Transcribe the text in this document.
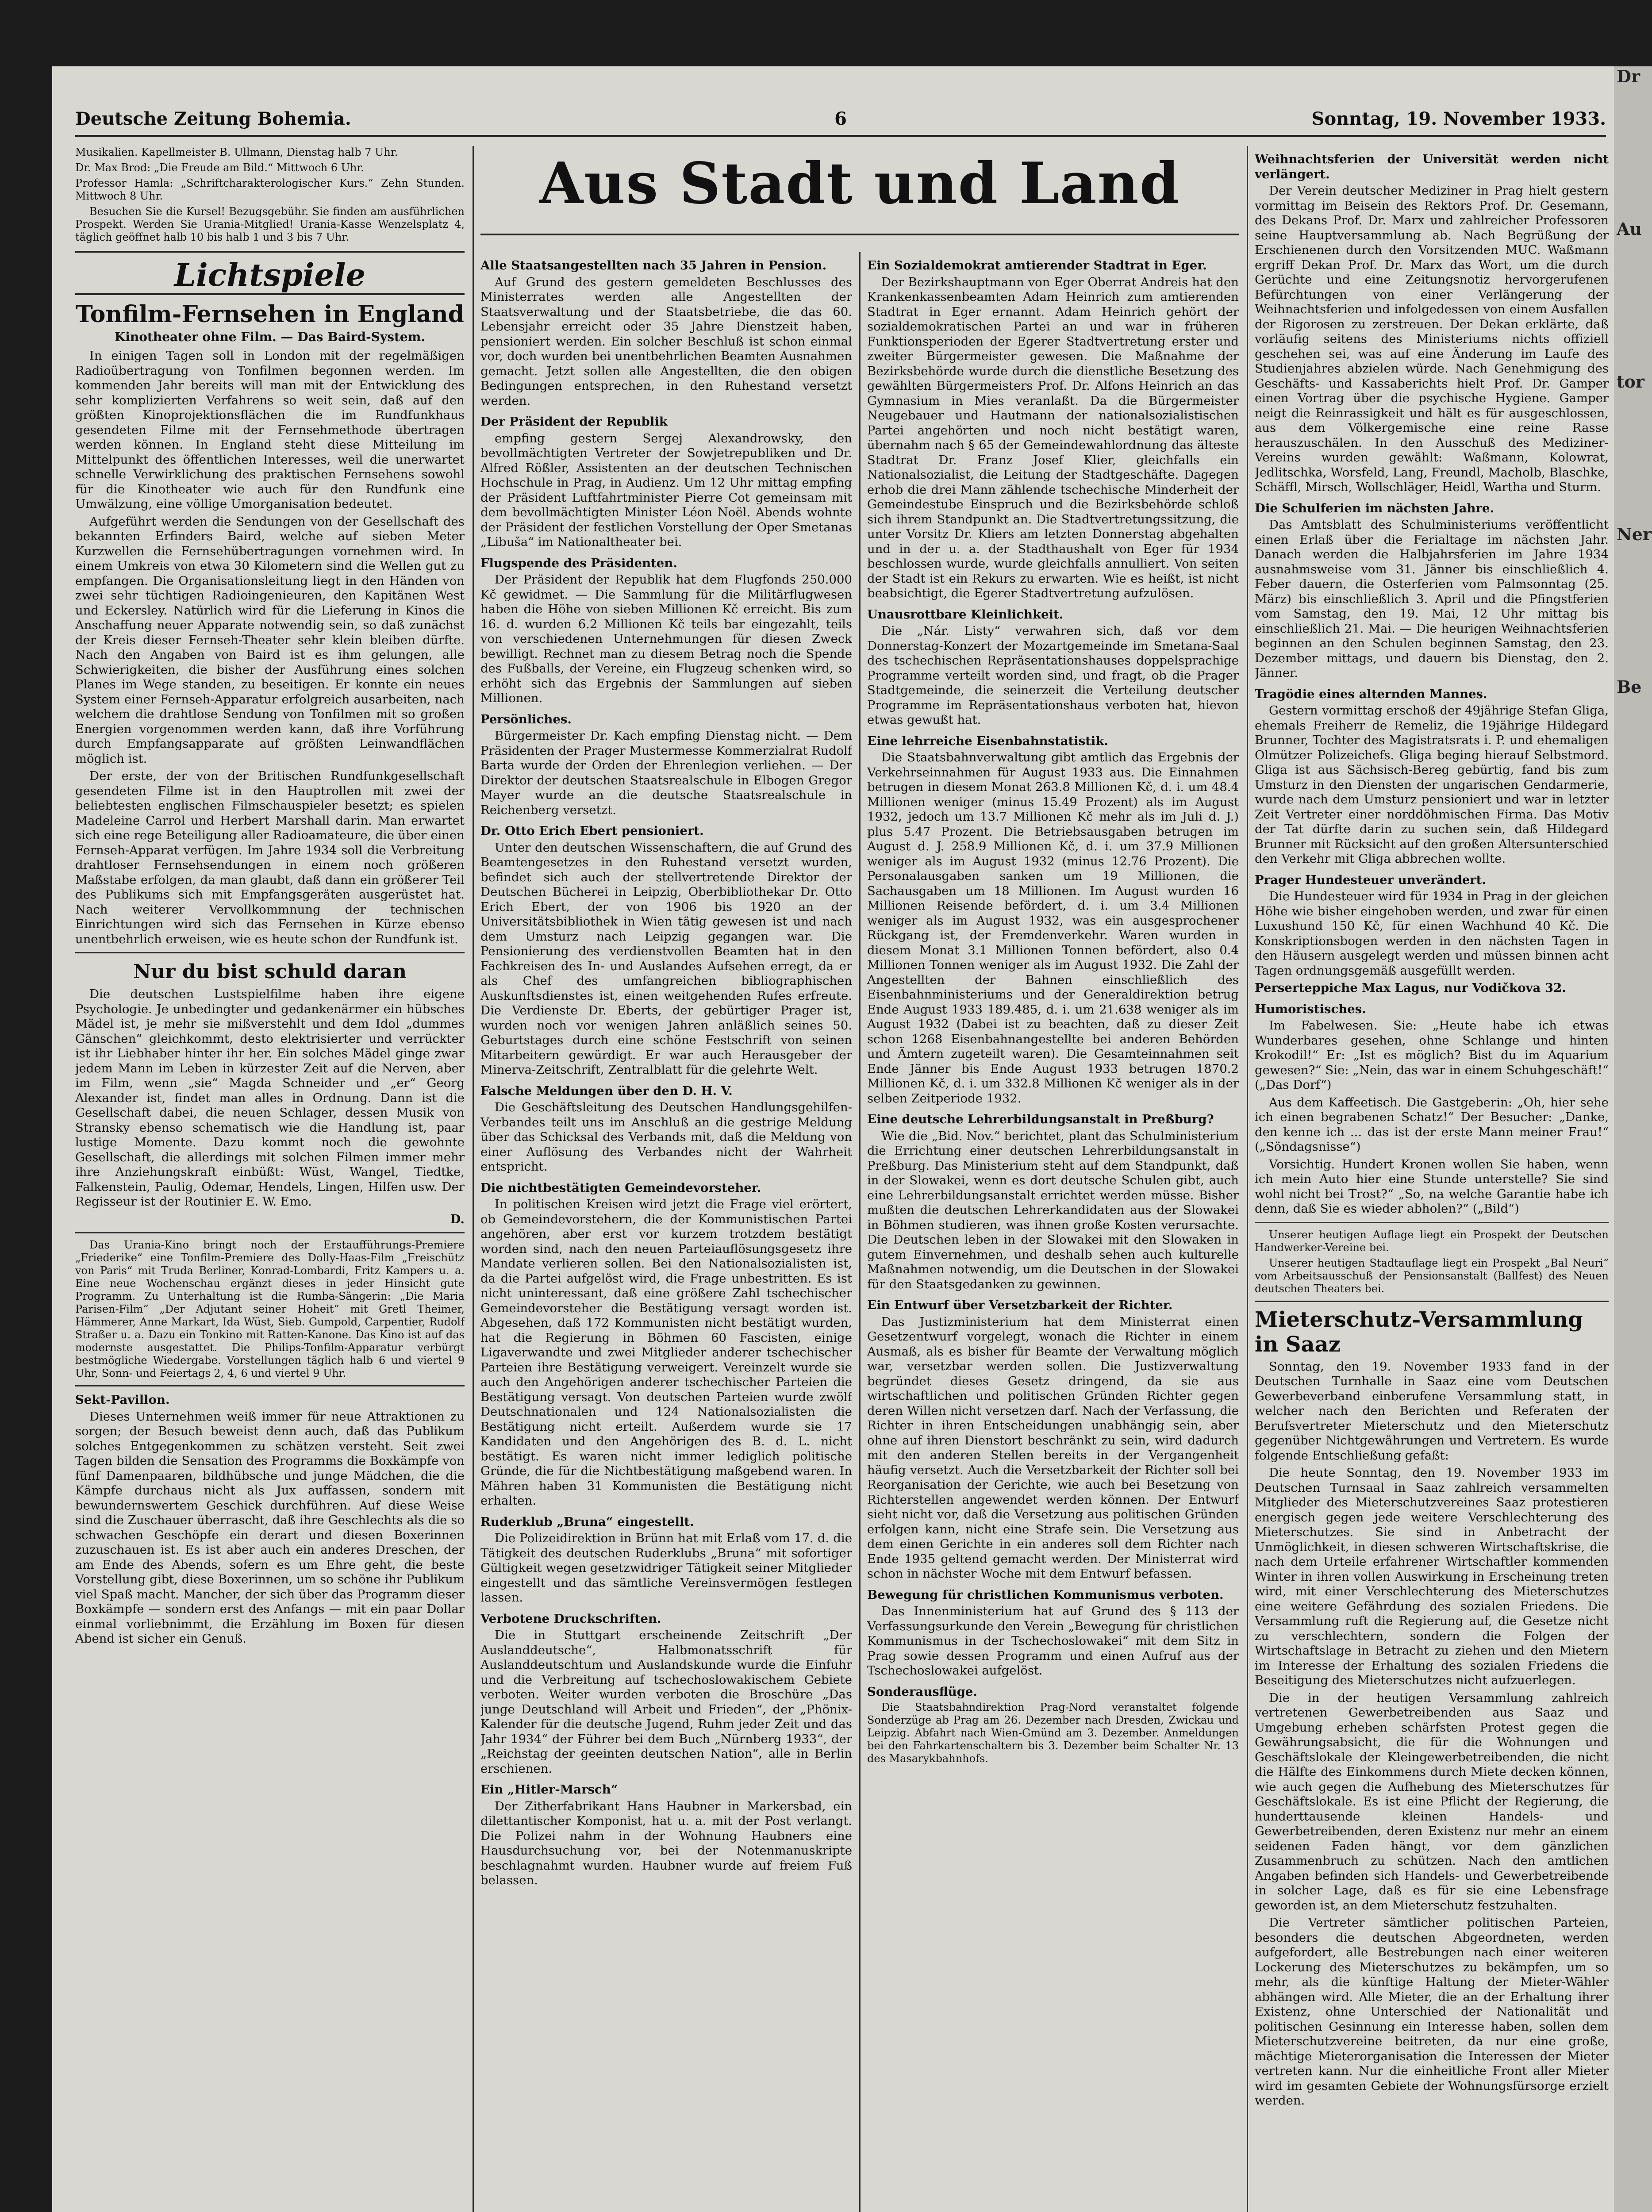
Deutsche Zeitung Bohemia.	6	Sonntag, 19. November 1933.
Aus Stadt und Land

Musikalien. Kapellmeister B. Ullmann, Dienstag halb 7 Uhr.

Dr. Max Brod: „Die Freude am Bild.“ Mittwoch 6 Uhr.

Professor Hamla: „Schriftcharakterologischer Kurs.“ Zehn Stunden. Mittwoch 8 Uhr.

Besuchen Sie die Kursel! Bezugsgebühr. Sie finden am ausführlichen Prospekt. Werden Sie Urania-Mitglied! Urania-Kasse Wenzelsplatz 4, täglich geöffnet halb 10 bis halb 1 und 3 bis 7 Uhr.

Lichtspiele
Tonfilm-Fernsehen in England
Kinotheater ohne Film. — Das Baird-System.

In einigen Tagen soll in London mit der regelmäßigen Radioübertragung von Tonfilmen begonnen werden. Im kommenden Jahr bereits will man mit der Entwicklung des sehr komplizierten Verfahrens so weit sein, daß auf den größten Kinoprojektionsflächen die im Rundfunkhaus gesendeten Filme mit der Fernsehmethode übertragen werden können. In England steht diese Mitteilung im Mittelpunkt des öffentlichen Interesses, weil die unerwartet schnelle Verwirklichung des praktischen Fernsehens sowohl für die Kinotheater wie auch für den Rundfunk eine Umwälzung, eine völlige Umorganisation bedeutet.

Aufgeführt werden die Sendungen von der Gesellschaft des bekannten Erfinders Baird, welche auf sieben Meter Kurzwellen die Fernsehübertragungen vornehmen wird. In einem Umkreis von etwa 30 Kilometern sind die Wellen gut zu empfangen. Die Organisationsleitung liegt in den Händen von zwei sehr tüchtigen Radioingenieuren, den Kapitänen West und Eckersley. Natürlich wird für die Lieferung in Kinos die Anschaffung neuer Apparate notwendig sein, so daß zunächst der Kreis dieser Fernseh-Theater sehr klein bleiben dürfte. Nach den Angaben von Baird ist es ihm gelungen, alle Schwierigkeiten, die bisher der Ausführung eines solchen Planes im Wege standen, zu beseitigen. Er konnte ein neues System einer Fernseh-Apparatur erfolgreich ausarbeiten, nach welchem die drahtlose Sendung von Tonfilmen mit so großen Energien vorgenommen werden kann, daß ihre Vorführung durch Empfangsapparate auf größten Leinwandflächen möglich ist.

Der erste, der von der Britischen Rundfunkgesellschaft gesendeten Filme ist in den Hauptrollen mit zwei der beliebtesten englischen Filmschauspieler besetzt; es spielen Madeleine Carrol und Herbert Marshall darin. Man erwartet sich eine rege Beteiligung aller Radioamateure, die über einen Fernseh-Apparat verfügen. Im Jahre 1934 soll die Verbreitung drahtloser Fernsehsendungen in einem noch größeren Maßstabe erfolgen, da man glaubt, daß dann ein größerer Teil des Publikums sich mit Empfangsgeräten ausgerüstet hat. Nach weiterer Vervollkommnung der technischen Einrichtungen wird sich das Fernsehen in Kürze ebenso unentbehrlich erweisen, wie es heute schon der Rundfunk ist.

Nur du bist schuld daran

Die deutschen Lustspielfilme haben ihre eigene Psychologie. Je unbedingter und gedankenärmer ein hübsches Mädel ist, je mehr sie mißverstehlt und dem Idol „dummes Gänschen“ gleichkommt, desto elektrisierter und verrückter ist ihr Liebhaber hinter ihr her. Ein solches Mädel ginge zwar jedem Mann im Leben in kürzester Zeit auf die Nerven, aber im Film, wenn „sie“ Magda Schneider und „er“ Georg Alexander ist, findet man alles in Ordnung. Dann ist die Gesellschaft dabei, die neuen Schlager, dessen Musik von Stransky ebenso schematisch wie die Handlung ist, paar lustige Momente. Dazu kommt noch die gewohnte Gesellschaft, die allerdings mit solchen Filmen immer mehr ihre Anziehungskraft einbüßt: Wüst, Wangel, Tiedtke, Falkenstein, Paulig, Odemar, Hendels, Lingen, Hilfen usw. Der Regisseur ist der Routinier E. W. Emo.

D.

Das Urania-Kino bringt noch der Erstaufführungs-Premiere „Friederike“ eine Tonfilm-Premiere des Dolly-Haas-Film „Freischütz von Paris“ mit Truda Berliner, Konrad-Lombardi, Fritz Kampers u. a. Eine neue Wochenschau ergänzt dieses in jeder Hinsicht gute Programm. Zu Unterhaltung ist die Rumba-Sängerin: „Die Maria Parisen-Film“ „Der Adjutant seiner Hoheit“ mit Gretl Theimer, Hämmerer, Anne Markart, Ida Wüst, Sieb. Gumpold, Carpentier, Rudolf Straßer u. a. Dazu ein Tonkino mit Ratten-Kanone. Das Kino ist auf das modernste ausgestattet. Die Philips-Tonfilm-Apparatur verbürgt bestmögliche Wiedergabe. Vorstellungen täglich halb 6 und viertel 9 Uhr, Sonn- und Feiertags 2, 4, 6 und viertel 9 Uhr.

Sekt-Pavillon.

Dieses Unternehmen weiß immer für neue Attraktionen zu sorgen; der Besuch beweist denn auch, daß das Publikum solches Entgegenkommen zu schätzen versteht. Seit zwei Tagen bilden die Sensation des Programms die Boxkämpfe von fünf Damenpaaren, bildhübsche und junge Mädchen, die die Kämpfe durchaus nicht als Jux auffassen, sondern mit bewundernswertem Geschick durchführen. Auf diese Weise sind die Zuschauer überrascht, daß ihre Geschlechts als die so schwachen Geschöpfe ein derart und diesen Boxerinnen zuzuschauen ist. Es ist aber auch ein anderes Dreschen, der am Ende des Abends, sofern es um Ehre geht, die beste Vorstellung gibt, diese Boxerinnen, um so schöne ihr Publikum viel Spaß macht. Mancher, der sich über das Programm dieser Boxkämpfe — sondern erst des Anfangs — mit ein paar Dollar einmal vorliebnimmt, die Erzählung im Boxen für diesen Abend ist sicher ein Genuß.

Alle Staatsangestellten nach 35 Jahren in Pension.

Auf Grund des gestern gemeldeten Beschlusses des Ministerrates werden alle Angestellten der Staatsverwaltung und der Staatsbetriebe, die das 60. Lebensjahr erreicht oder 35 Jahre Dienstzeit haben, pensioniert werden. Ein solcher Beschluß ist schon einmal vor, doch wurden bei unentbehrlichen Beamten Ausnahmen gemacht. Jetzt sollen alle Angestellten, die den obigen Bedingungen entsprechen, in den Ruhestand versetzt werden.

Der Präsident der Republik

empfing gestern Sergej Alexandrowsky, den bevollmächtigten Vertreter der Sowjetrepubliken und Dr. Alfred Rößler, Assistenten an der deutschen Technischen Hochschule in Prag, in Audienz. Um 12 Uhr mittag empfing der Präsident Luftfahrtminister Pierre Cot gemeinsam mit dem bevollmächtigten Minister Léon Noël. Abends wohnte der Präsident der festlichen Vorstellung der Oper Smetanas „Libuša“ im Nationaltheater bei.

Flugspende des Präsidenten.

Der Präsident der Republik hat dem Flugfonds 250.000 Kč gewidmet. — Die Sammlung für die Militärflugwesen haben die Höhe von sieben Millionen Kč erreicht. Bis zum 16. d. wurden 6.2 Millionen Kč teils bar eingezahlt, teils von verschiedenen Unternehmungen für diesen Zweck bewilligt. Rechnet man zu diesem Betrag noch die Spende des Fußballs, der Vereine, ein Flugzeug schenken wird, so erhöht sich das Ergebnis der Sammlungen auf sieben Millionen.

Persönliches.

Bürgermeister Dr. Kach empfing Dienstag nicht. — Dem Präsidenten der Prager Mustermesse Kommerzialrat Rudolf Barta wurde der Orden der Ehrenlegion verliehen. — Der Direktor der deutschen Staatsrealschule in Elbogen Gregor Mayer wurde an die deutsche Staatsrealschule in Reichenberg versetzt.

Dr. Otto Erich Ebert pensioniert.

Unter den deutschen Wissenschaftern, die auf Grund des Beamtengesetzes in den Ruhestand versetzt wurden, befindet sich auch der stellvertretende Direktor der Deutschen Bücherei in Leipzig, Oberbibliothekar Dr. Otto Erich Ebert, der von 1906 bis 1920 an der Universitätsbibliothek in Wien tätig gewesen ist und nach dem Umsturz nach Leipzig gegangen war. Die Pensionierung des verdienstvollen Beamten hat in den Fachkreisen des In- und Auslandes Aufsehen erregt, da er als Chef des umfangreichen bibliographischen Auskunftsdienstes ist, einen weitgehenden Rufes erfreute. Die Verdienste Dr. Eberts, der gebürtiger Prager ist, wurden noch vor wenigen Jahren anläßlich seines 50. Geburtstages durch eine schöne Festschrift von seinen Mitarbeitern gewürdigt. Er war auch Herausgeber der Minerva-Zeitschrift, Zentralblatt für die gelehrte Welt.

Falsche Meldungen über den D. H. V.

Die Geschäftsleitung des Deutschen Handlungsgehilfen-Verbandes teilt uns im Anschluß an die gestrige Meldung über das Schicksal des Verbands mit, daß die Meldung von einer Auflösung des Verbandes nicht der Wahrheit entspricht.

Die nichtbestätigten Gemeindevorsteher.

In politischen Kreisen wird jetzt die Frage viel erörtert, ob Gemeindevorstehern, die der Kommunistischen Partei angehören, aber erst vor kurzem trotzdem bestätigt worden sind, nach den neuen Parteiauflösungsgesetz ihre Mandate verlieren sollen. Bei den Nationalsozialisten ist, da die Partei aufgelöst wird, die Frage unbestritten. Es ist nicht uninteressant, daß eine größere Zahl tschechischer Gemeindevorsteher die Bestätigung versagt worden ist. Abgesehen, daß 172 Kommunisten nicht bestätigt wurden, hat die Regierung in Böhmen 60 Fascisten, einige Ligaverwandte und zwei Mitglieder anderer tschechischer Parteien ihre Bestätigung verweigert. Vereinzelt wurde sie auch den Angehörigen anderer tschechischer Parteien die Bestätigung versagt. Von deutschen Parteien wurde zwölf Deutschnationalen und 124 Nationalsozialisten die Bestätigung nicht erteilt. Außerdem wurde sie 17 Kandidaten und den Angehörigen des B. d. L. nicht bestätigt. Es waren nicht immer lediglich politische Gründe, die für die Nichtbestätigung maßgebend waren. In Mähren haben 31 Kommunisten die Bestätigung nicht erhalten.

Ruderklub „Bruna“ eingestellt.

Die Polizeidirektion in Brünn hat mit Erlaß vom 17. d. die Tätigkeit des deutschen Ruderklubs „Bruna“ mit sofortiger Gültigkeit wegen gesetzwidriger Tätigkeit seiner Mitglieder eingestellt und das sämtliche Vereinsvermögen festlegen lassen.

Verbotene Druckschriften.

Die in Stuttgart erscheinende Zeitschrift „Der Auslanddeutsche“, Halbmonatsschrift für Auslanddeutschtum und Auslandskunde wurde die Einfuhr und die Verbreitung auf tschechoslowakischem Gebiete verboten. Weiter wurden verboten die Broschüre „Das junge Deutschland will Arbeit und Frieden“, der „Phönix-Kalender für die deutsche Jugend, Ruhm jeder Zeit und das Jahr 1934“ der Führer bei dem Buch „Nürnberg 1933“, der „Reichstag der geeinten deutschen Nation“, alle in Berlin erschienen.

Ein „Hitler-Marsch“

Der Zitherfabrikant Hans Haubner in Markersbad, ein dilettantischer Komponist, hat u. a. mit der Post verlangt. Die Polizei nahm in der Wohnung Haubners eine Hausdurchsuchung vor, bei der Notenmanuskripte beschlagnahmt wurden. Haubner wurde auf freiem Fuß belassen.

Ein Sozialdemokrat amtierender Stadtrat in Eger.

Der Bezirkshauptmann von Eger Oberrat Andreis hat den Krankenkassenbeamten Adam Heinrich zum amtierenden Stadtrat in Eger ernannt. Adam Heinrich gehört der sozialdemokratischen Partei an und war in früheren Funktionsperioden der Egerer Stadtvertretung erster und zweiter Bürgermeister gewesen. Die Maßnahme der Bezirksbehörde wurde durch die dienstliche Besetzung des gewählten Bürgermeisters Prof. Dr. Alfons Heinrich an das Gymnasium in Mies veranlaßt. Da die Bürgermeister Neugebauer und Hautmann der nationalsozialistischen Partei angehörten und noch nicht bestätigt waren, übernahm nach § 65 der Gemeindewahlordnung das älteste Stadtrat Dr. Franz Josef Klier, gleichfalls ein Nationalsozialist, die Leitung der Stadtgeschäfte. Dagegen erhob die drei Mann zählende tschechische Minderheit der Gemeindestube Einspruch und die Bezirksbehörde schloß sich ihrem Standpunkt an. Die Stadtvertretungssitzung, die unter Vorsitz Dr. Kliers am letzten Donnerstag abgehalten und in der u. a. der Stadthaushalt von Eger für 1934 beschlossen wurde, wurde gleichfalls annulliert. Von seiten der Stadt ist ein Rekurs zu erwarten. Wie es heißt, ist nicht beabsichtigt, die Egerer Stadtvertretung aufzulösen.

Unausrottbare Kleinlichkeit.

Die „Nár. Listy“ verwahren sich, daß vor dem Donnerstag-Konzert der Mozartgemeinde im Smetana-Saal des tschechischen Repräsentationshauses doppelsprachige Programme verteilt worden sind, und fragt, ob die Prager Stadtgemeinde, die seinerzeit die Verteilung deutscher Programme im Repräsentationshaus verboten hat, hievon etwas gewußt hat.

Eine lehrreiche Eisenbahnstatistik.

Die Staatsbahnverwaltung gibt amtlich das Ergebnis der Verkehrseinnahmen für August 1933 aus. Die Einnahmen betrugen in diesem Monat 263.8 Millionen Kč, d. i. um 48.4 Millionen weniger (minus 15.49 Prozent) als im August 1932, jedoch um 13.7 Millionen Kč mehr als im Juli d. J.) plus 5.47 Prozent. Die Betriebsausgaben betrugen im August d. J. 258.9 Millionen Kč, d. i. um 37.9 Millionen weniger als im August 1932 (minus 12.76 Prozent). Die Personalausgaben sanken um 19 Millionen, die Sachausgaben um 18 Millionen. Im August wurden 16 Millionen Reisende befördert, d. i. um 3.4 Millionen weniger als im August 1932, was ein ausgesprochener Rückgang ist, der Fremdenverkehr. Waren wurden in diesem Monat 3.1 Millionen Tonnen befördert, also 0.4 Millionen Tonnen weniger als im August 1932. Die Zahl der Angestellten der Bahnen einschließlich des Eisenbahnministeriums und der Generaldirektion betrug Ende August 1933 189.485, d. i. um 21.638 weniger als im August 1932 (Dabei ist zu beachten, daß zu dieser Zeit schon 1268 Eisenbahnangestellte bei anderen Behörden und Ämtern zugeteilt waren). Die Gesamteinnahmen seit Ende Jänner bis Ende August 1933 betrugen 1870.2 Millionen Kč, d. i. um 332.8 Millionen Kč weniger als in der selben Zeitperiode 1932.

Eine deutsche Lehrerbildungsanstalt in Preßburg?

Wie die „Bid. Nov.“ berichtet, plant das Schulministerium die Errichtung einer deutschen Lehrerbildungsanstalt in Preßburg. Das Ministerium steht auf dem Standpunkt, daß in der Slowakei, wenn es dort deutsche Schulen gibt, auch eine Lehrerbildungsanstalt errichtet werden müsse. Bisher mußten die deutschen Lehrerkandidaten aus der Slowakei in Böhmen studieren, was ihnen große Kosten verursachte. Die Deutschen leben in der Slowakei mit den Slowaken in gutem Einvernehmen, und deshalb sehen auch kulturelle Maßnahmen notwendig, um die Deutschen in der Slowakei für den Staatsgedanken zu gewinnen.

Ein Entwurf über Versetzbarkeit der Richter.

Das Justizministerium hat dem Ministerrat einen Gesetzentwurf vorgelegt, wonach die Richter in einem Ausmaß, als es bisher für Beamte der Verwaltung möglich war, versetzbar werden sollen. Die Justizverwaltung begründet dieses Gesetz dringend, da sie aus wirtschaftlichen und politischen Gründen Richter gegen deren Willen nicht versetzen darf. Nach der Verfassung, die Richter in ihren Entscheidungen unabhängig sein, aber ohne auf ihren Dienstort beschränkt zu sein, wird dadurch mit den anderen Stellen bereits in der Vergangenheit häufig versetzt. Auch die Versetzbarkeit der Richter soll bei Reorganisation der Gerichte, wie auch bei Besetzung von Richterstellen angewendet werden können. Der Entwurf sieht nicht vor, daß die Versetzung aus politischen Gründen erfolgen kann, nicht eine Strafe sein. Die Versetzung aus dem einen Gerichte in ein anderes soll dem Richter nach Ende 1935 geltend gemacht werden. Der Ministerrat wird schon in nächster Woche mit dem Entwurf befassen.

Bewegung für christlichen Kommunismus verboten.

Das Innenministerium hat auf Grund des § 113 der Verfassungsurkunde den Verein „Bewegung für christlichen Kommunismus in der Tschechoslowakei“ mit dem Sitz in Prag sowie dessen Programm und einen Aufruf aus der Tschechoslowakei aufgelöst.

Sonderausflüge.

Die Staatsbahndirektion Prag-Nord veranstaltet folgende Sonderzüge ab Prag am 26. Dezember nach Dresden, Zwickau und Leipzig. Abfahrt nach Wien-Gmünd am 3. Dezember. Anmeldungen bei den Fahrkartenschaltern bis 3. Dezember beim Schalter Nr. 13 des Masarykbahnhofs.

Weihnachtsferien der Universität werden nicht verlängert.

Der Verein deutscher Mediziner in Prag hielt gestern vormittag im Beisein des Rektors Prof. Dr. Gesemann, des Dekans Prof. Dr. Marx und zahlreicher Professoren seine Hauptversammlung ab. Nach Begrüßung der Erschienenen durch den Vorsitzenden MUC. Waßmann ergriff Dekan Prof. Dr. Marx das Wort, um die durch Gerüchte und eine Zeitungsnotiz hervorgerufenen Befürchtungen von einer Verlängerung der Weihnachtsferien und infolgedessen von einem Ausfallen der Rigorosen zu zerstreuen. Der Dekan erklärte, daß vorläufig seitens des Ministeriums nichts offiziell geschehen sei, was auf eine Änderung im Laufe des Studienjahres abzielen würde. Nach Genehmigung des Geschäfts- und Kassaberichts hielt Prof. Dr. Gamper einen Vortrag über die psychische Hygiene. Gamper neigt die Reinrassigkeit und hält es für ausgeschlossen, aus dem Völkergemische eine reine Rasse herauszuschälen. In den Ausschuß des Mediziner-Vereins wurden gewählt: Waßmann, Kolowrat, Jedlitschka, Worsfeld, Lang, Freundl, Macholb, Blaschke, Schäffl, Mirsch, Wollschläger, Heidl, Wartha und Sturm.

Die Schulferien im nächsten Jahre.

Das Amtsblatt des Schulministeriums veröffentlicht einen Erlaß über die Ferialtage im nächsten Jahr. Danach werden die Halbjahrsferien im Jahre 1934 ausnahmsweise vom 31. Jänner bis einschließlich 4. Feber dauern, die Osterferien vom Palmsonntag (25. März) bis einschließlich 3. April und die Pfingstferien vom Samstag, den 19. Mai, 12 Uhr mittag bis einschließlich 21. Mai. — Die heurigen Weihnachtsferien beginnen an den Schulen beginnen Samstag, den 23. Dezember mittags, und dauern bis Dienstag, den 2. Jänner.

Tragödie eines alternden Mannes.

Gestern vormittag erschoß der 49jährige Stefan Gliga, ehemals Freiherr de Remeliz, die 19jährige Hildegard Brunner, Tochter des Magistratsrats i. P. und ehemaligen Olmützer Polizeichefs. Gliga beging hierauf Selbstmord. Gliga ist aus Sächsisch-Bereg gebürtig, fand bis zum Umsturz in den Diensten der ungarischen Gendarmerie, wurde nach dem Umsturz pensioniert und war in letzter Zeit Vertreter einer norddöhmischen Firma. Das Motiv der Tat dürfte darin zu suchen sein, daß Hildegard Brunner mit Rücksicht auf den großen Altersunterschied den Verkehr mit Gliga abbrechen wollte.

Prager Hundesteuer unverändert.

Die Hundesteuer wird für 1934 in Prag in der gleichen Höhe wie bisher eingehoben werden, und zwar für einen Luxushund 150 Kč, für einen Wachhund 40 Kč. Die Konskriptionsbogen werden in den nächsten Tagen in den Häusern ausgelegt werden und müssen binnen acht Tagen ordnungsgemäß ausgefüllt werden.

Perserteppiche Max Lagus, nur Vodičkova 32.

Humoristisches.

Im Fabelwesen. Sie: „Heute habe ich etwas Wunderbares gesehen, ohne Schlange und hinten Krokodil!“ Er: „Ist es möglich? Bist du im Aquarium gewesen?“ Sie: „Nein, das war in einem Schuhgeschäft!“ („Das Dorf“)

Aus dem Kaffeetisch. Die Gastgeberin: „Oh, hier sehe ich einen begrabenen Schatz!“ Der Besucher: „Danke, den kenne ich ... das ist der erste Mann meiner Frau!“ („Söndagsnisse“)

Vorsichtig. Hundert Kronen wollen Sie haben, wenn ich mein Auto hier eine Stunde unterstelle? Sie sind wohl nicht bei Trost?“ „So, na welche Garantie habe ich denn, daß Sie es wieder abholen?“ („Bild“)

Unserer heutigen Auflage liegt ein Prospekt der Deutschen Handwerker-Vereine bei.

Unserer heutigen Stadtauflage liegt ein Prospekt „Bal Neuri“ vom Arbeitsausschuß der Pensionsanstalt (Ballfest) des Neuen deutschen Theaters bei.

Mieterschutz-Versammlung in Saaz

Sonntag, den 19. November 1933 fand in der Deutschen Turnhalle in Saaz eine vom Deutschen Gewerbeverband einberufene Versammlung statt, in welcher nach den Berichten und Referaten der Berufsvertreter Mieterschutz und den Mieterschutz gegenüber Nichtgewährungen und Vertretern. Es wurde folgende Entschließung gefaßt:

Die heute Sonntag, den 19. November 1933 im Deutschen Turnsaal in Saaz zahlreich versammelten Mitglieder des Mieterschutzvereines Saaz protestieren energisch gegen jede weitere Verschlechterung des Mieterschutzes. Sie sind in Anbetracht der Unmöglichkeit, in diesen schweren Wirtschaftskrise, die nach dem Urteile erfahrener Wirtschaftler kommenden Winter in ihren vollen Auswirkung in Erscheinung treten wird, mit einer Verschlechterung des Mieterschutzes eine weitere Gefährdung des sozialen Friedens. Die Versammlung ruft die Regierung auf, die Gesetze nicht zu verschlechtern, sondern die Folgen der Wirtschaftslage in Betracht zu ziehen und den Mietern im Interesse der Erhaltung des sozialen Friedens die Beseitigung des Mieterschutzes nicht aufzuerlegen.

Die in der heutigen Versammlung zahlreich vertretenen Gewerbetreibenden aus Saaz und Umgebung erheben schärfsten Protest gegen die Gewährungsabsicht, die für die Wohnungen und Geschäftslokale der Kleingewerbetreibenden, die nicht die Hälfte des Einkommens durch Miete decken können, wie auch gegen die Aufhebung des Mieterschutzes für Geschäftslokale. Es ist eine Pflicht der Regierung, die hunderttausende kleinen Handels- und Gewerbetreibenden, deren Existenz nur mehr an einem seidenen Faden hängt, vor dem gänzlichen Zusammenbruch zu schützen. Nach den amtlichen Angaben befinden sich Handels- und Gewerbetreibende in solcher Lage, daß es für sie eine Lebensfrage geworden ist, an dem Mieterschutz festzuhalten.

Die Vertreter sämtlicher politischen Parteien, besonders die deutschen Abgeordneten, werden aufgefordert, alle Bestrebungen nach einer weiteren Lockerung des Mieterschutzes zu bekämpfen, um so mehr, als die künftige Haltung der Mieter-Wähler abhängen wird. Alle Mieter, die an der Erhaltung ihrer Existenz, ohne Unterschied der Nationalität und politischen Gesinnung ein Interesse haben, sollen dem Mieterschutzvereine beitreten, da nur eine große, mächtige Mieterorganisation die Interessen der Mieter vertreten kann. Nur die einheitliche Front aller Mieter wird im gesamten Gebiete der Wohnungsfürsorge erzielt werden.

Dr
Au
tor
Ner
Be
